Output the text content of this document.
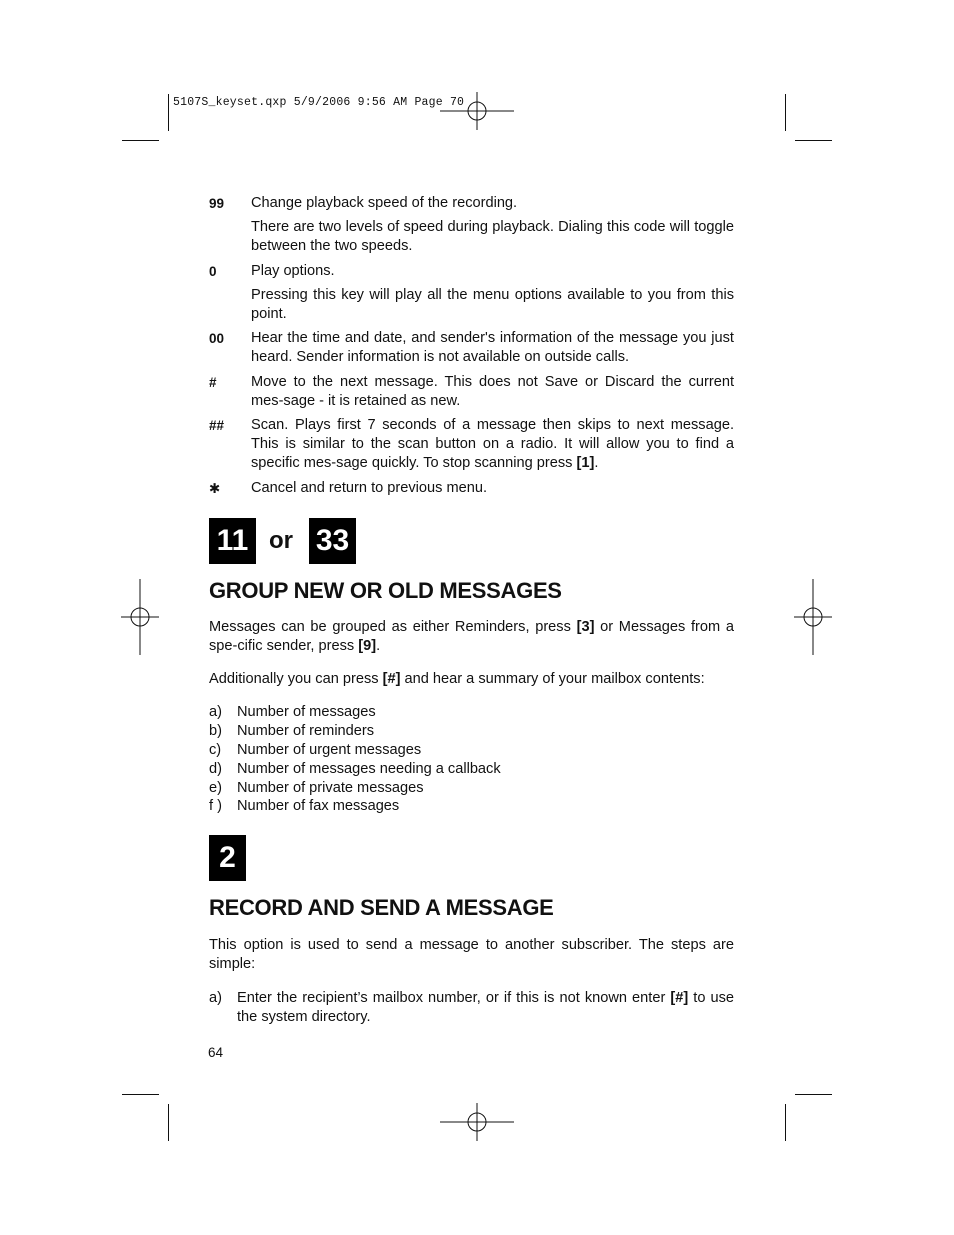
5107S_keyset.qxp 5/9/2006 9:56 AM Page 70
99 Change playback speed of the recording.

There are two levels of speed during playback. Dialing this code will toggle between the two speeds.

0 Play options.

Pressing this key will play all the menu options available to you from this point.

00 Hear the time and date, and sender's information of the message you just heard. Sender information is not available on outside calls.

# Move to the next message. This does not Save or Discard the current mes-sage - it is retained as new.

## Scan. Plays first 7 seconds of a message then skips to next message. This is similar to the scan button on a radio. It will allow you to find a specific mes-sage quickly. To stop scanning press [1].

✱ Cancel and return to previous menu.

11 or 33
GROUP NEW OR OLD MESSAGES

Messages can be grouped as either Reminders, press [3] or Messages from a spe-cific sender, press [9].

Additionally you can press [#] and hear a summary of your mailbox contents:

a) Number of messages
b) Number of reminders
c) Number of urgent messages
d) Number of messages needing a callback
e) Number of private messages
f ) Number of fax messages
2
RECORD AND SEND A MESSAGE

This option is used to send a message to another subscriber. The steps are simple:

a) Enter the recipient’s mailbox number, or if this is not known enter [#] to use the system directory.
64
